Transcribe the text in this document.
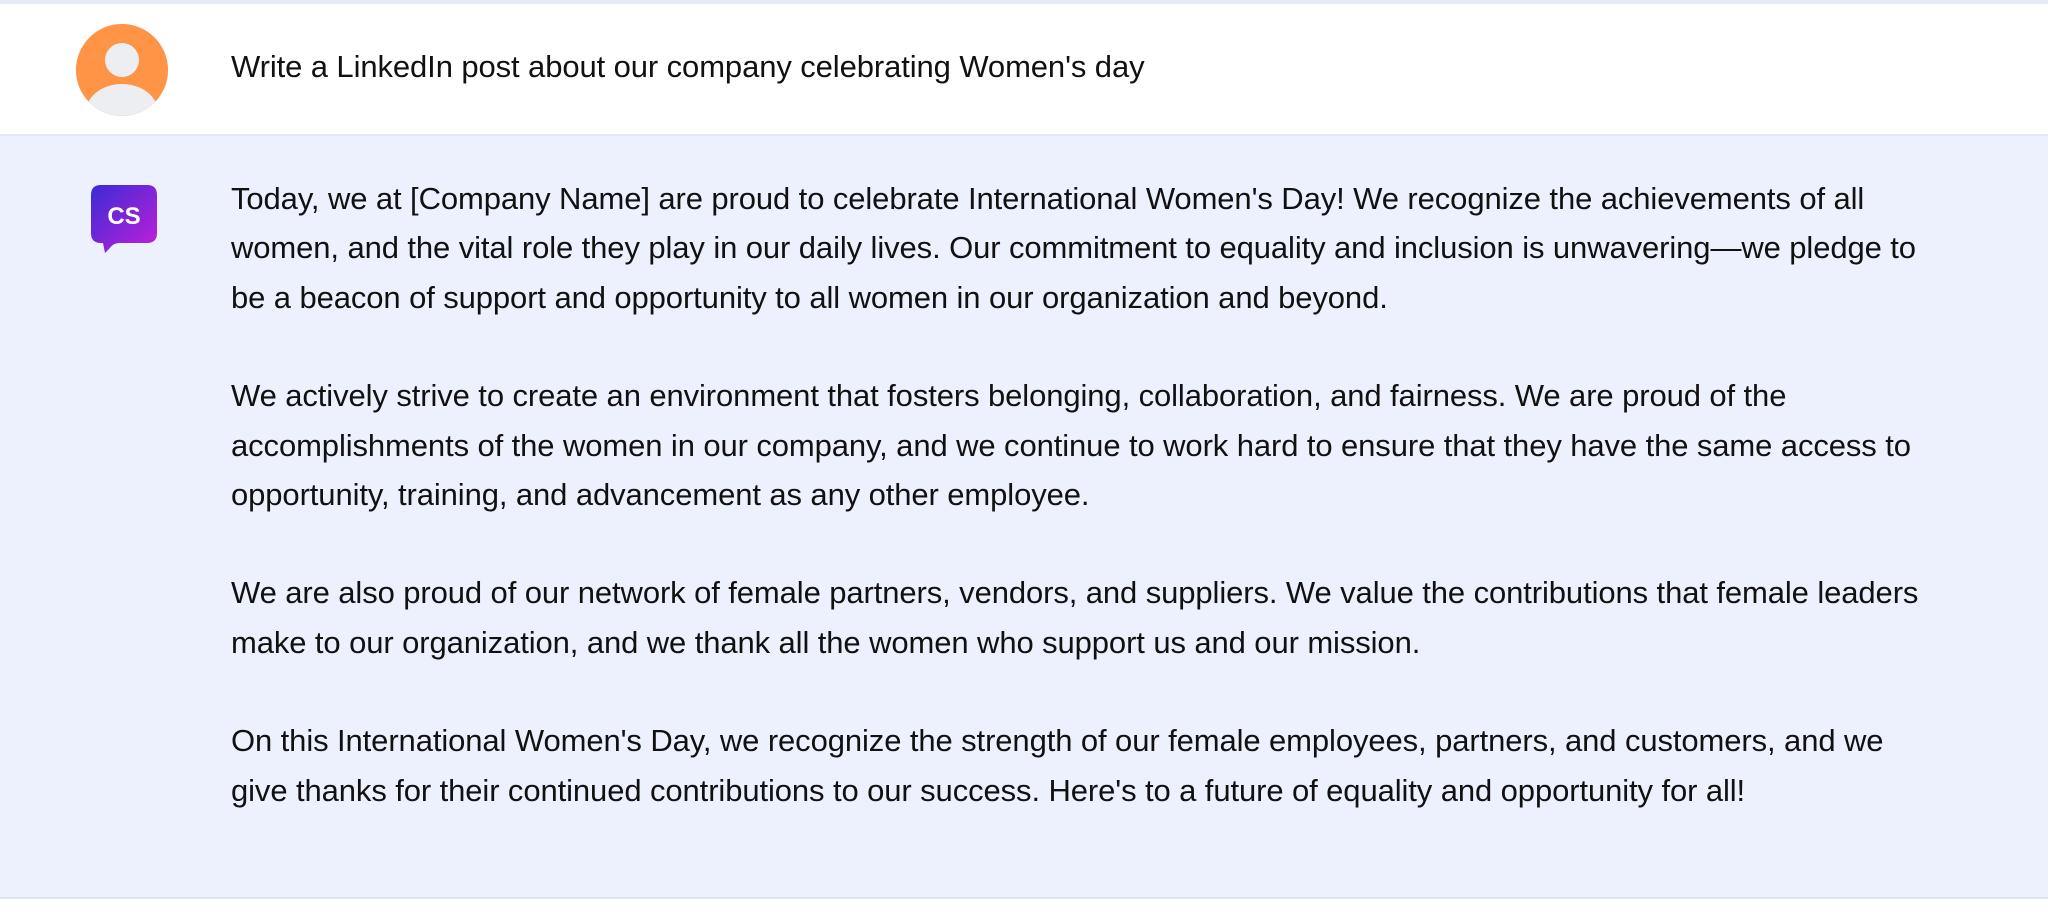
Write a LinkedIn post about our company celebrating Women's day
CS

Today, we at [Company Name] are proud to celebrate International Women's Day! We recognize the achievements of all women, and the vital role they play in our daily lives. Our commitment to equality and inclusion is unwavering—we pledge to be a beacon of support and opportunity to all women in our organization and beyond.

We actively strive to create an environment that fosters belonging, collaboration, and fairness. We are proud of the accomplishments of the women in our company, and we continue to work hard to ensure that they have the same access to opportunity, training, and advancement as any other employee.

We are also proud of our network of female partners, vendors, and suppliers. We value the contributions that female leaders make to our organization, and we thank all the women who support us and our mission.

On this International Women's Day, we recognize the strength of our female employees, partners, and customers, and we give thanks for their continued contributions to our success. Here's to a future of equality and opportunity for all!
